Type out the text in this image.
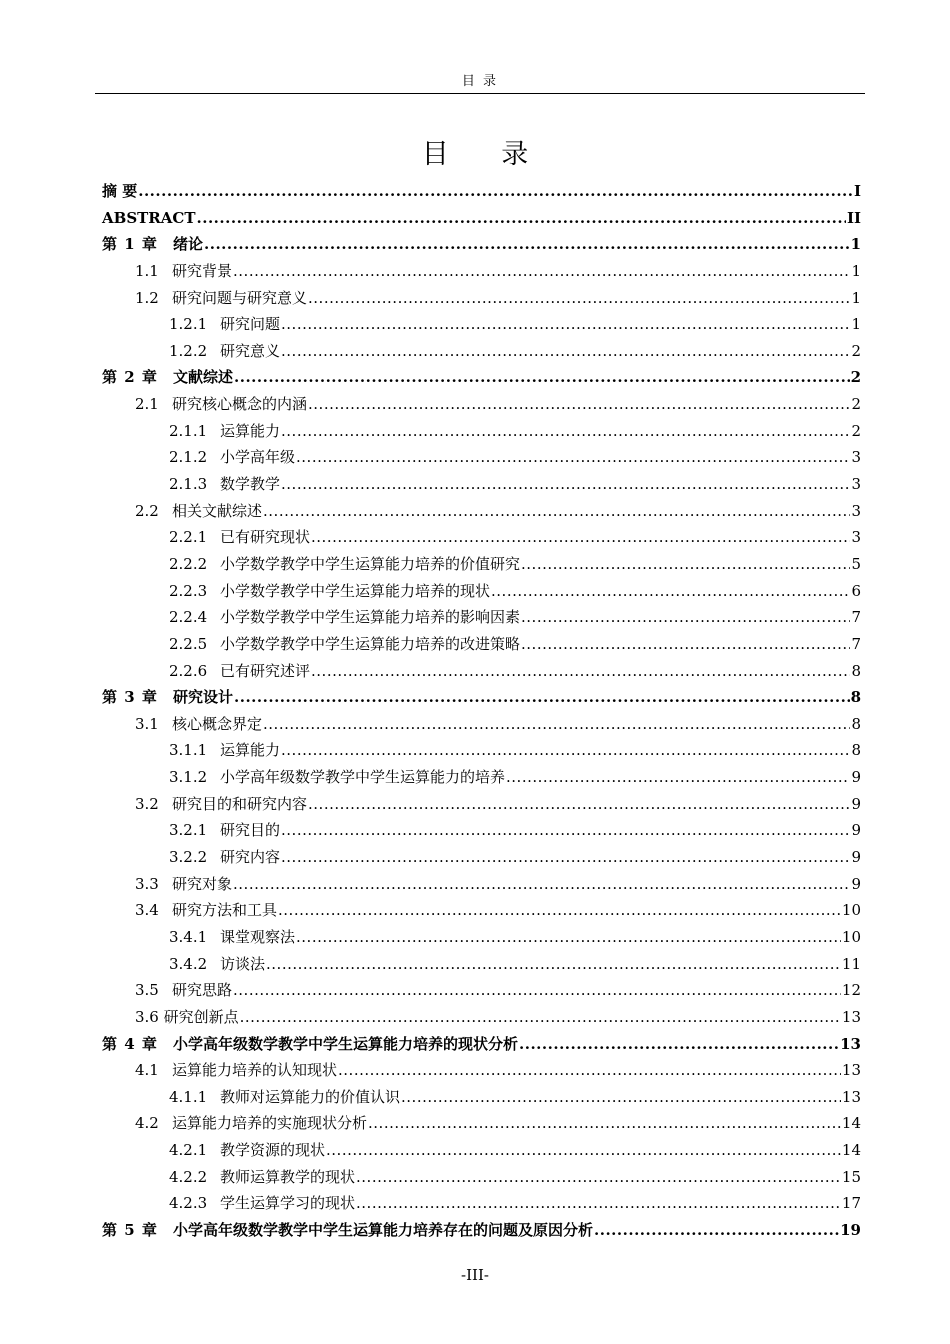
目 录
目 录
摘 要 .....	I
ABSTRACT .....	II
第 1 章	绪论 .....	1
1.1 研究背景 .....	1
1.2 研究问题与研究意义 .....	1
1.2.1 研究问题 .....	1
1.2.2 研究意义 .....	2
第 2 章	文献综述 .....	2
2.1 研究核心概念的内涵 .....	2
2.1.1 运算能力 .....	2
2.1.2 小学高年级 .....	3
2.1.3 数学教学 .....	3
2.2 相关文献综述 .....	3
2.2.1 已有研究现状 .....	3
2.2.2 小学数学教学中学生运算能力培养的价值研究 .....	5
2.2.3 小学数学教学中学生运算能力培养的现状 .....	6
2.2.4 小学数学教学中学生运算能力培养的影响因素 .....	7
2.2.5 小学数学教学中学生运算能力培养的改进策略 .....	7
2.2.6 已有研究述评 .....	8
第 3 章	研究设计 .....	8
3.1 核心概念界定 .....	8
3.1.1 运算能力 .....	8
3.1.2 小学高年级数学教学中学生运算能力的培养 .....	9
3.2 研究目的和研究内容 .....	9
3.2.1 研究目的 .....	9
3.2.2 研究内容 .....	9
3.3 研究对象 .....	9
3.4 研究方法和工具 .....	10
3.4.1 课堂观察法 .....	10
3.4.2 访谈法 .....	11
3.5 研究思路 .....	12
3.6 研究创新点 .....	13
第 4 章	小学高年级数学教学中学生运算能力培养的现状分析 .....	13
4.1 运算能力培养的认知现状 .....	13
4.1.1 教师对运算能力的价值认识 .....	13
4.2 运算能力培养的实施现状分析 .....	14
4.2.1 教学资源的现状 .....	14
4.2.2 教师运算教学的现状 .....	15
4.2.3 学生运算学习的现状 .....	17
第 5 章	小学高年级数学教学中学生运算能力培养存在的问题及原因分析 .....	19
-III-
